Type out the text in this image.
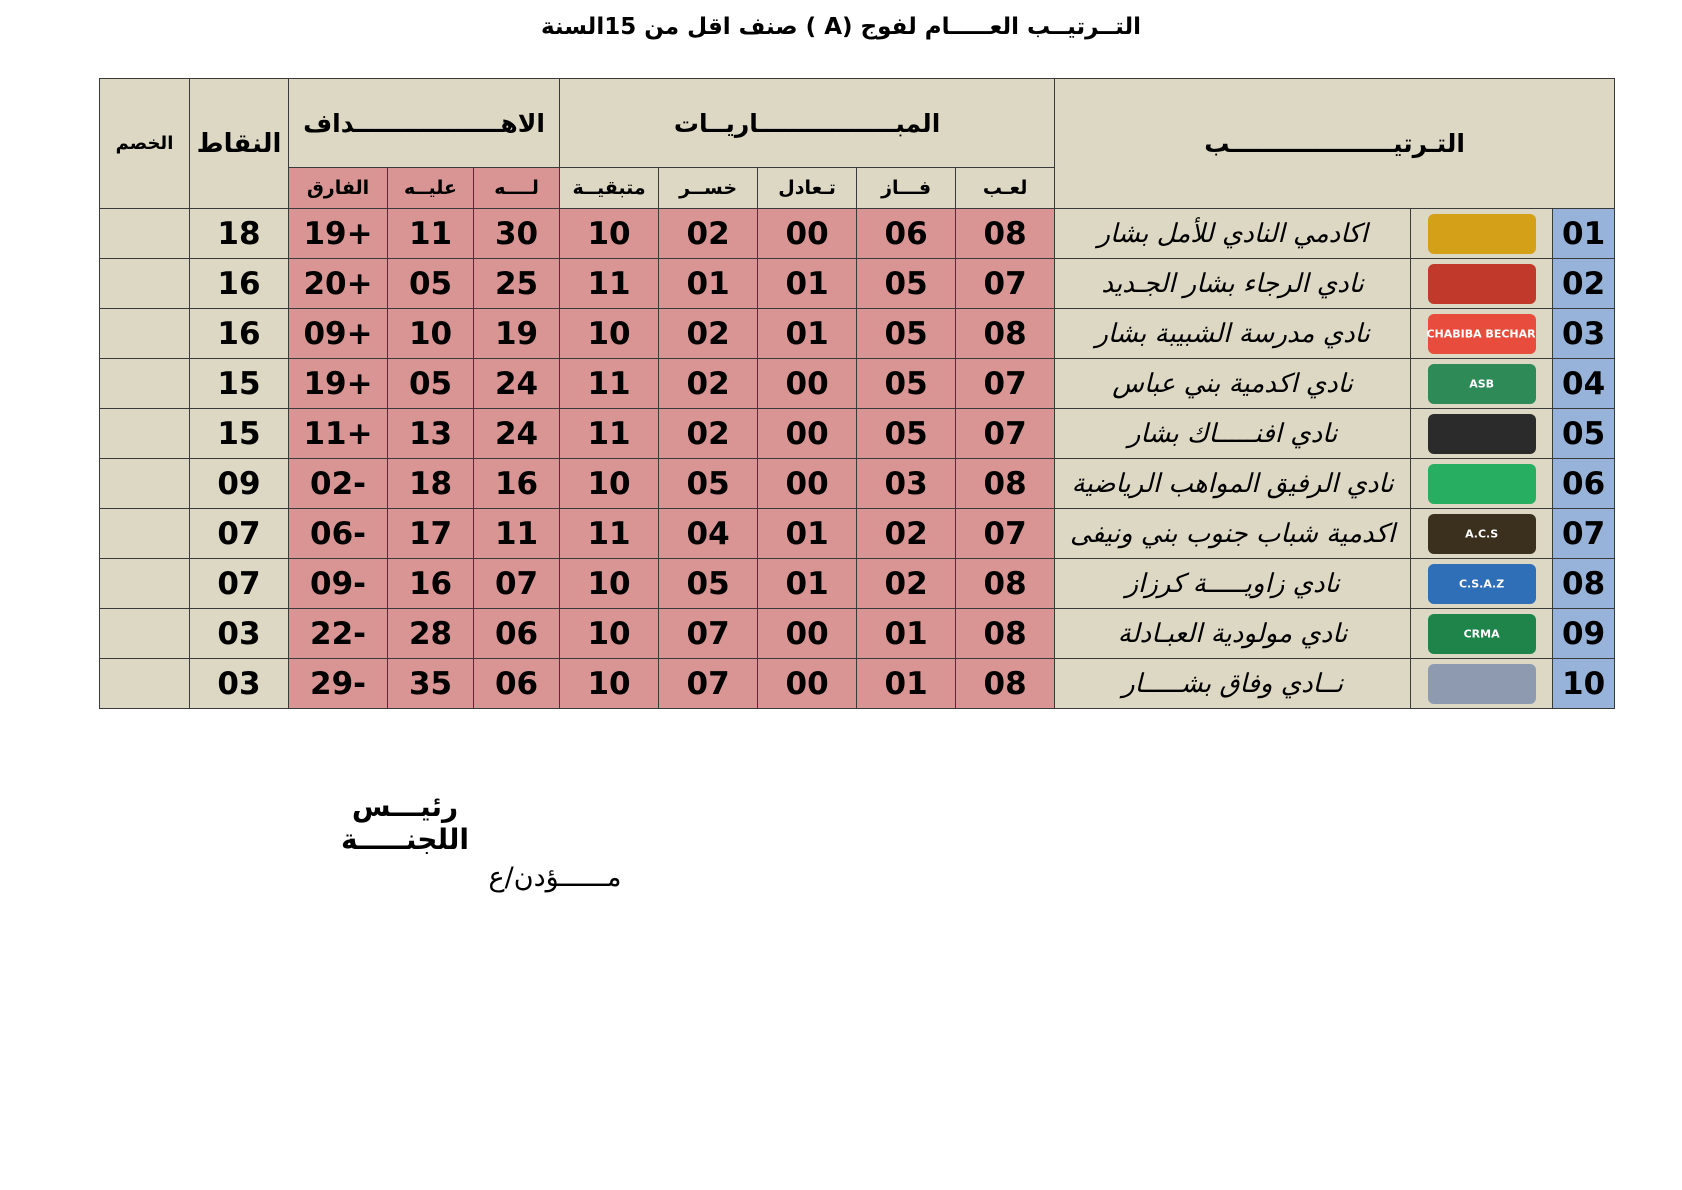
التــرتيــب العـــــام لفوج (A ) صنف اقل من 15السنة
التـرتيـــــــــــــــــــب			المبــــــــــــــــاريــات					الاهـــــــــــــــــداف			النقاط	الخصم
			لعـب	فـــاز	تـعادل	خســر	متبقيــة	لــــه	عليــه	الفارق		
01		اكادمي النادي للأمل بشار	08	06	00	02	10	30	11	+19	18	
02		نادي الرجاء بشار الجـديد	07	05	01	01	11	25	05	+20	16	
03	CHABIBA BECHAR	نادي مدرسة الشبيبة بشار	08	05	01	02	10	19	10	+09	16	
04	ASB	نادي اكدمية بني عباس	07	05	00	02	11	24	05	+19	15	
05		نادي افنـــــاك بشار	07	05	00	02	11	24	13	+11	15	
06		نادي الرفيق المواهب الرياضية	08	03	00	05	10	16	18	-02	09	
07	A.C.S	اكدمية شباب جنوب بني ونيفى	07	02	01	04	11	11	17	-06	07	
08	C.S.A.Z	نادي زاويـــــة كرزاز	08	02	01	05	10	07	16	-09	07	
09	CRMA	نادي مولودية العبـادلة	08	01	00	07	10	06	28	-22	03	
10		نــادي وفاق بشـــــار	08	01	00	07	10	06	35	-29	03	
رئيـــس اللجنـــــة
مــــــؤدن/ع
